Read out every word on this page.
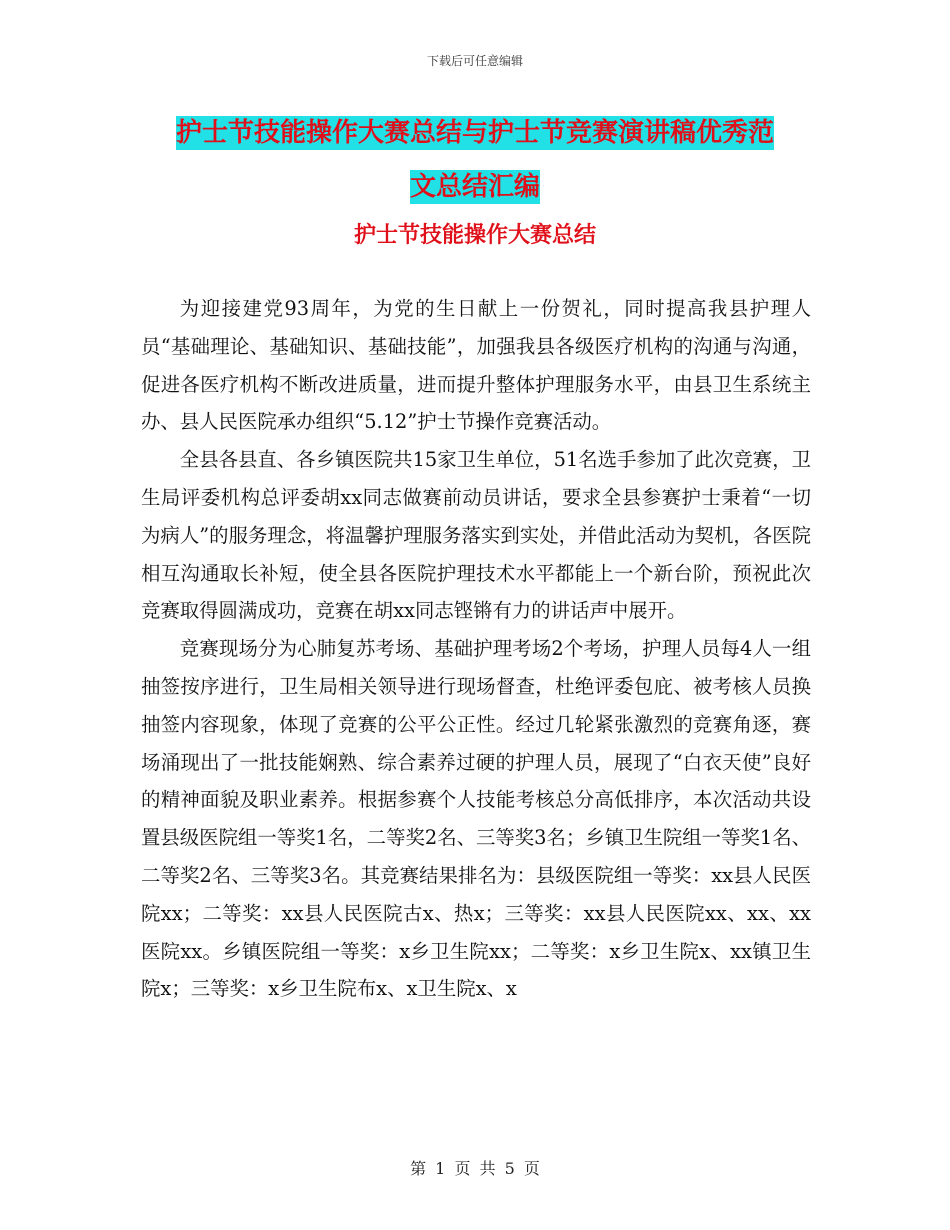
下载后可任意编辑
护士节技能操作大赛总结与护士节竞赛演讲稿优秀范
文总结汇编
护士节技能操作大赛总结

为迎接建党93周年，为党的生日献上一份贺礼，同时提高我县护理人员“基础理论、基础知识、基础技能”，加强我县各级医疗机构的沟通与沟通，促进各医疗机构不断改进质量，进而提升整体护理服务水平，由县卫生系统主办、县人民医院承办组织“5.12”护士节操作竞赛活动。

全县各县直、各乡镇医院共15家卫生单位，51名选手参加了此次竞赛，卫生局评委机构总评委胡xx同志做赛前动员讲话，要求全县参赛护士秉着“一切为病人”的服务理念，将温馨护理服务落实到实处，并借此活动为契机，各医院相互沟通取长补短，使全县各医院护理技术水平都能上一个新台阶，预祝此次竞赛取得圆满成功，竞赛在胡xx同志铿锵有力的讲话声中展开。

竞赛现场分为心肺复苏考场、基础护理考场2个考场，护理人员每4人一组抽签按序进行，卫生局相关领导进行现场督查，杜绝评委包庇、被考核人员换抽签内容现象，体现了竞赛的公平公正性。经过几轮紧张激烈的竞赛角逐，赛场涌现出了一批技能娴熟、综合素养过硬的护理人员，展现了“白衣天使”良好的精神面貌及职业素养。根据参赛个人技能考核总分高低排序，本次活动共设置县级医院组一等奖1名，二等奖2名、三等奖3名；乡镇卫生院组一等奖1名、二等奖2名、三等奖3名。其竞赛结果排名为：县级医院组一等奖：xx县人民医院xx；二等奖：xx县人民医院古x、热x；三等奖：xx县人民医院xx、xx、xx医院xx。乡镇医院组一等奖：x乡卫生院xx；二等奖：x乡卫生院x、xx镇卫生院x；三等奖：x乡卫生院布x、x卫生院x、x

第 1 页 共 5 页
